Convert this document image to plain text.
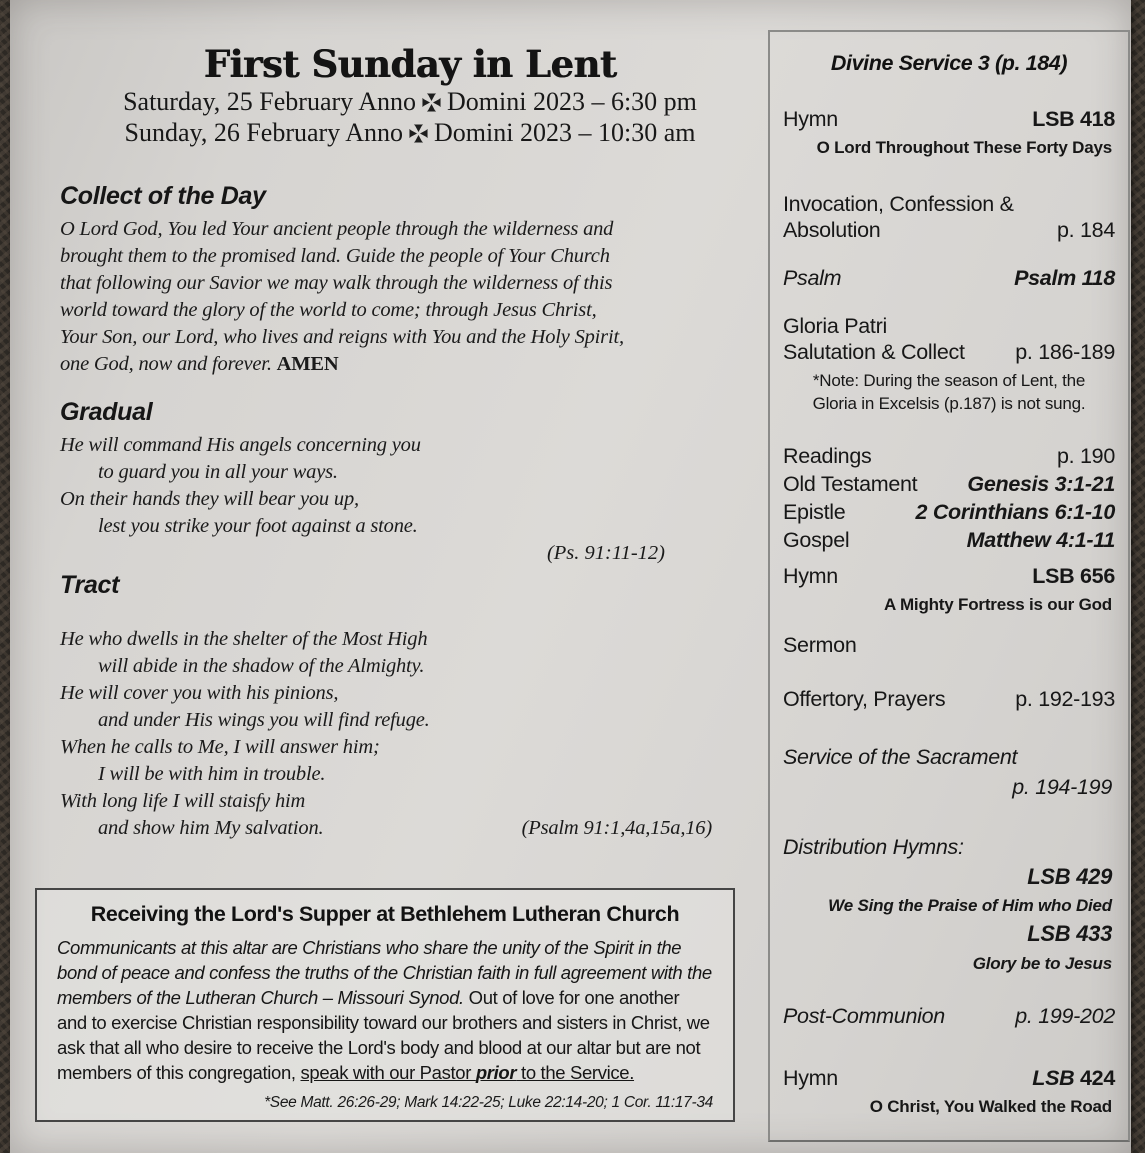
First Sunday in Lent
Saturday, 25 February Anno Domini 2023 – 6:30 pm
Sunday, 26 February Anno Domini 2023 – 10:30 am
Collect of the Day
O Lord God, You led Your ancient people through the wilderness and
brought them to the promised land. Guide the people of Your Church
that following our Savior we may walk through the wilderness of this
world toward the glory of the world to come; through Jesus Christ,
Your Son, our Lord, who lives and reigns with You and the Holy Spirit,
one God, now and forever. AMEN
Gradual
He will command His angels concerning you
to guard you in all your ways.
On their hands they will bear you up,
lest you strike your foot against a stone.
(Ps. 91:11-12)
Tract
He who dwells in the shelter of the Most High
will abide in the shadow of the Almighty.
He will cover you with his pinions,
and under His wings you will find refuge.
When he calls to Me, I will answer him;
I will be with him in trouble.
With long life I will staisfy him
and show him My salvation.	(Psalm 91:1,4a,15a,16)
Receiving the Lord's Supper at Bethlehem Lutheran Church

Communicants at this altar are Christians who share the unity of the Spirit in the bond of peace and confess the truths of the Christian faith in full agreement with the members of the Lutheran Church – Missouri Synod. Out of love for one another and to exercise Christian responsibility toward our brothers and sisters in Christ, we ask that all who desire to receive the Lord's body and blood at our altar but are not members of this congregation, speak with our Pastor prior to the Service.

*See Matt. 26:26-29; Mark 14:22-25; Luke 22:14-20; 1 Cor. 11:17-34
Divine Service 3 (p. 184)
Hymn	LSB 418
O Lord Throughout These Forty Days
Invocation, Confession &
Absolution	p. 184
Psalm	Psalm 118
Gloria Patri
Salutation & Collect p. 186-189
*Note: During the season of Lent, the
Gloria in Excelsis (p.187) is not sung.
Readings	p. 190
Old Testament Genesis 3:1-21
Epistle	2 Corinthians 6:1-10
Gospel	Matthew 4:1-11
Hymn	LSB 656
A Mighty Fortress is our God
Sermon
Offertory, Prayers	p. 192-193
Service of the Sacrament
p. 194-199
Distribution Hymns:
LSB 429
We Sing the Praise of Him who Died
LSB 433
Glory be to Jesus
Post-Communion	p. 199-202
Hymn	LSB 424
O Christ, You Walked the Road
